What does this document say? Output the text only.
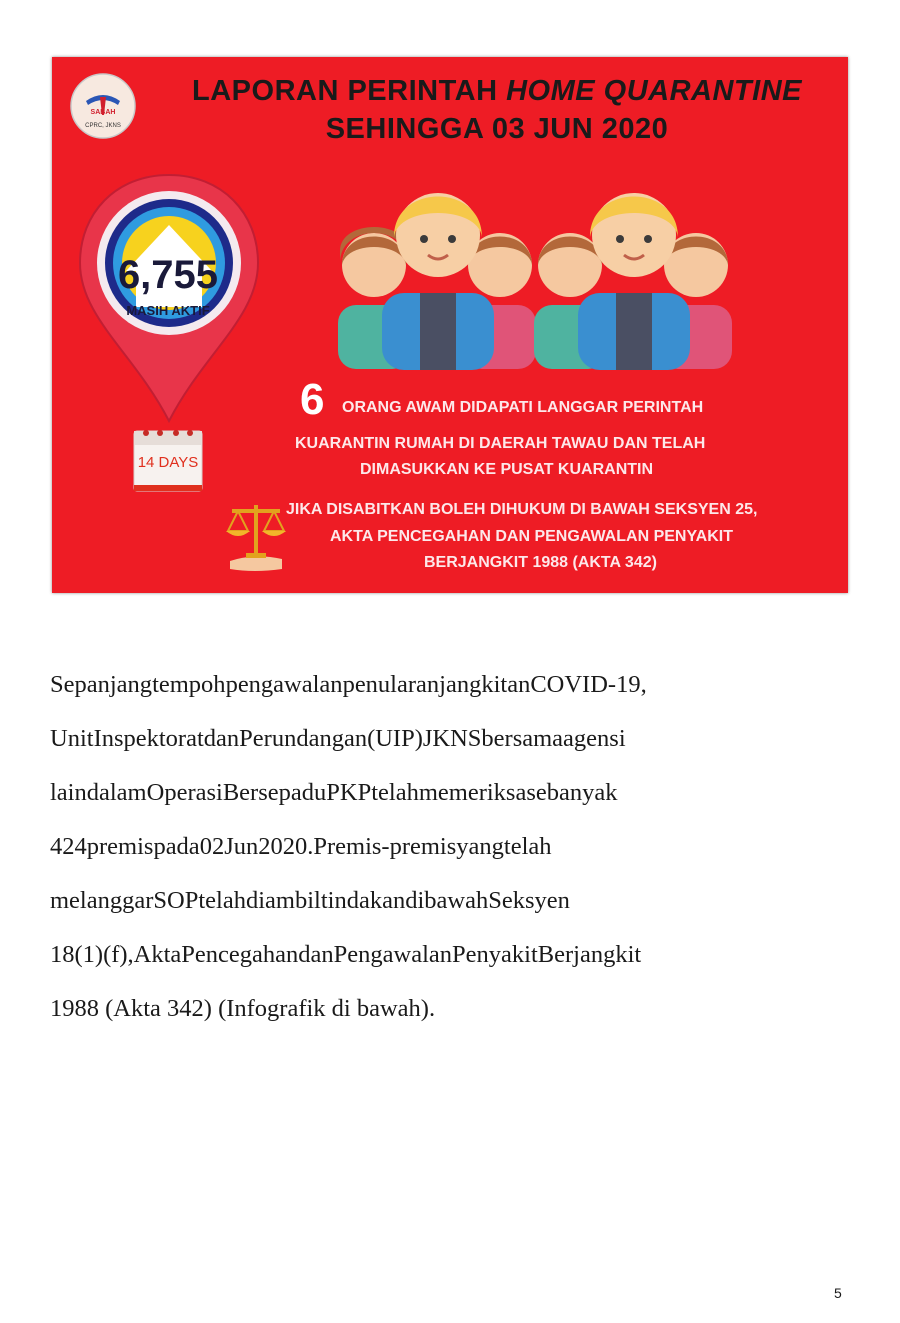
SABAH
CPRC, JKNS
LAPORAN PERINTAH HOME QUARANTINE
SEHINGGA 03 JUN 2020
6,755
MASIH AKTIF
14 DAYS
6 ORANG AWAM DIDAPATI LANGGAR PERINTAH
KUARANTIN RUMAH DI DAERAH TAWAU DAN TELAH
DIMASUKKAN KE PUSAT KUARANTIN
JIKA DISABITKAN BOLEH DIHUKUM DI BAWAH SEKSYEN 25,
AKTA PENCEGAHAN DAN PENGAWALAN PENYAKIT
BERJANGKIT 1988 (AKTA 342)
SepanjangtempohpengawalanpenularanjangkitanCOVID-19,
UnitInspektoratdanPerundangan(UIP)JKNSbersamaagensi
laindalamOperasiBersepaduPKPtelahmemeriksasebanyak
424premispada02Jun2020.Premis-premisyangtelah
melanggarSOPtelahdiambiltindakandibawahSeksyen
18(1)(f),AktaPencegahandanPengawalanPenyakitBerjangkit
1988 (Akta 342) (Infografik di bawah).
5
